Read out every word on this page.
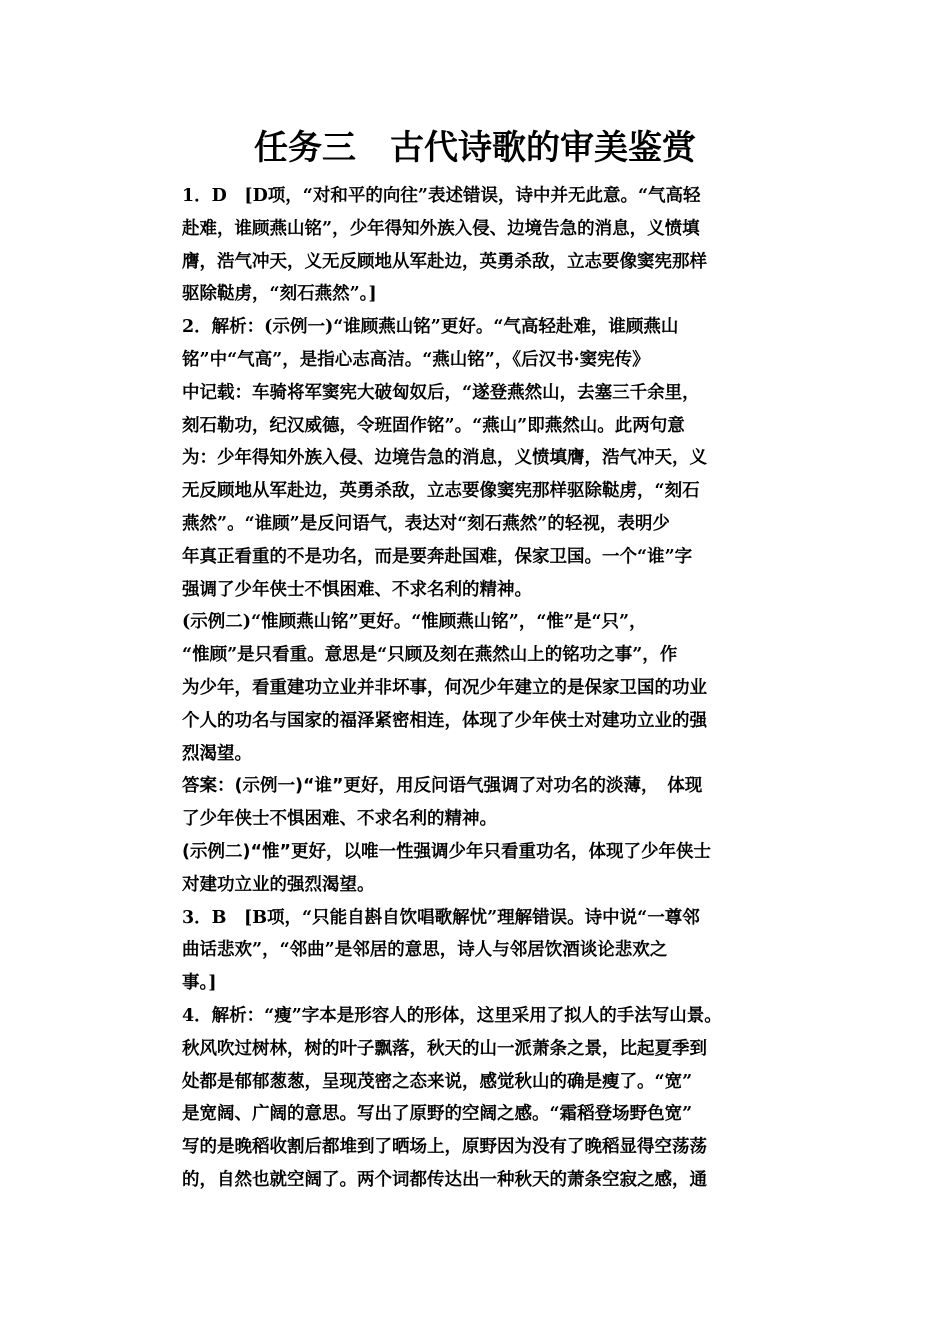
任务三　古代诗歌的审美鉴赏
1．D　[D项，“对和平的向往”表述错误，诗中并无此意。“气高轻
赴难，谁顾燕山铭”，少年得知外族入侵、边境告急的消息，义愤填
膺，浩气冲天，义无反顾地从军赴边，英勇杀敌，立志要像窦宪那样
驱除鞑虏，“刻石燕然”。]
2．解析：(示例一)“谁顾燕山铭”更好。“气高轻赴难，谁顾燕山
铭”中“气高”，是指心志高洁。“燕山铭”，《后汉书·窦宪传》
中记载：车骑将军窦宪大破匈奴后，“遂登燕然山，去塞三千余里，
刻石勒功，纪汉威德，令班固作铭”。“燕山”即燕然山。此两句意
为：少年得知外族入侵、边境告急的消息，义愤填膺，浩气冲天，义
无反顾地从军赴边，英勇杀敌，立志要像窦宪那样驱除鞑虏，“刻石
燕然”。“谁顾”是反问语气，表达对“刻石燕然”的轻视，表明少
年真正看重的不是功名，而是要奔赴国难，保家卫国。一个“谁”字
强调了少年侠士不惧困难、不求名利的精神。
(示例二)“惟顾燕山铭”更好。“惟顾燕山铭”，“惟”是“只”，
“惟顾”是只看重。意思是“只顾及刻在燕然山上的铭功之事”，作
为少年，看重建功立业并非坏事，何况少年建立的是保家卫国的功业
个人的功名与国家的福泽紧密相连，体现了少年侠士对建功立业的强
烈渴望。
答案：(示例一)“谁”更好，用反问语气强调了对功名的淡薄，　体现
了少年侠士不惧困难、不求名利的精神。
(示例二)“惟”更好，以唯一性强调少年只看重功名，体现了少年侠士
对建功立业的强烈渴望。
3．B　[B项，“只能自斟自饮唱歌解忧”理解错误。诗中说“一尊邻
曲话悲欢”，“邻曲”是邻居的意思，诗人与邻居饮酒谈论悲欢之
事。]
4．解析：“瘦”字本是形容人的形体，这里采用了拟人的手法写山景。
秋风吹过树林，树的叶子飘落，秋天的山一派萧条之景，比起夏季到
处都是郁郁葱葱，呈现茂密之态来说，感觉秋山的确是瘦了。“宽”
是宽阔、广阔的意思。写出了原野的空阔之感。“霜稻登场野色宽”
写的是晚稻收割后都堆到了晒场上，原野因为没有了晚稻显得空荡荡
的，自然也就空阔了。两个词都传达出一种秋天的萧条空寂之感，通
